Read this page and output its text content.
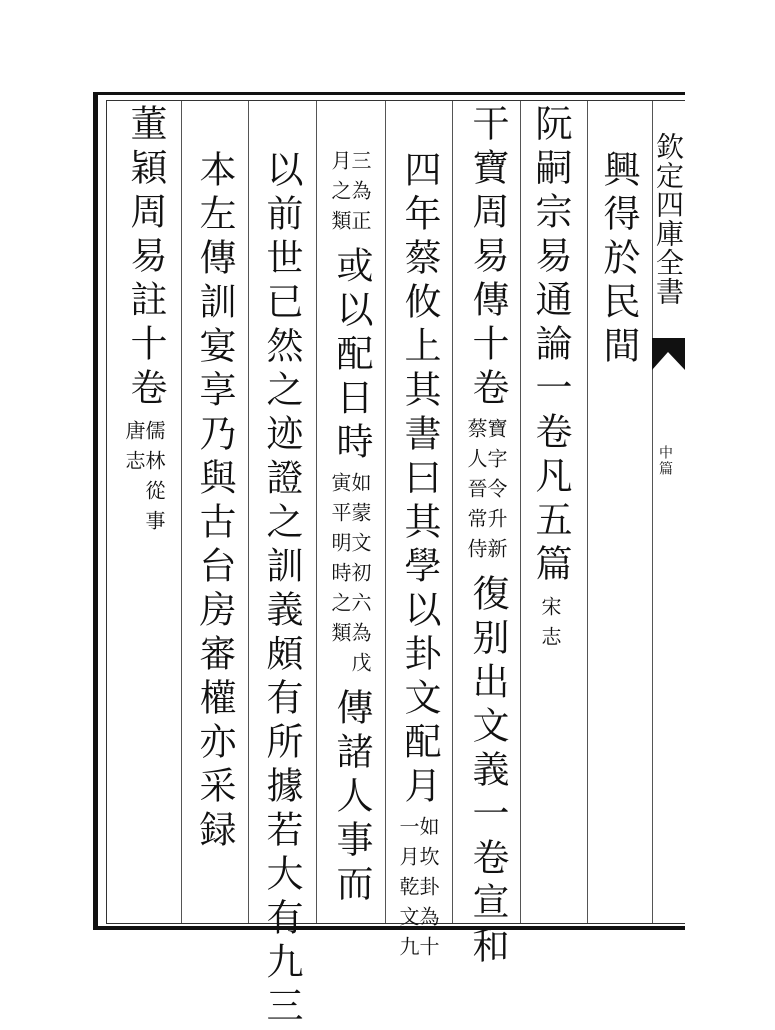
欽定四庫全書
中篇
興得於民間
阮嗣宗易通論一卷凡五篇宋志
干寶周易傳十卷
寶字令升新
蔡人晉常侍
復别出文義一卷宣和
四年蔡攸上其書曰其學以卦文配月
如坎卦為十
一月乾文九
三為正
月之類
或以配日時
如蒙文初六為戊
寅平明時之類
傳諸人事而
以前世已然之迹證之訓義頗有所據若大有九三
本左傳訓宴享乃與古台房審權亦采録
董穎周易註十卷
儒林從事
唐志
